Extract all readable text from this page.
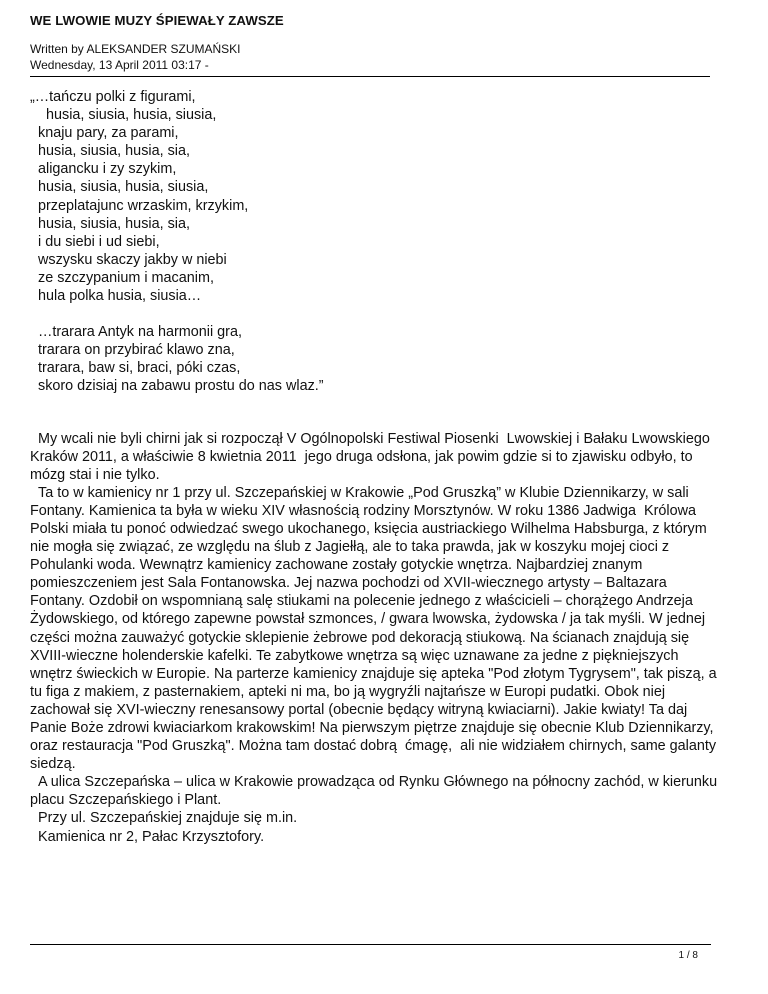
WE LWOWIE MUZY ŚPIEWAŁY ZAWSZE
Written by ALEKSANDER SZUMAŃSKI
Wednesday, 13 April 2011 03:17 -
„…tańczu polki z figurami,
husia, siusia, husia, siusia,
knaju pary, za parami,
husia, siusia, husia, sia,
aligancku i zy szykim,
husia, siusia, husia, siusia,
przeplatajunc wrzaskim, krzykim,
husia, siusia, husia, sia,
i du siebi i ud siebi,
wszysku skaczy jakby w niebi
ze szczypanium i macanim,
hula polka husia, siusia…
…trarara Antyk na harmonii gra,
trarara on przybirać klawo zna,
trarara, baw si, braci, póki czas,
skoro dzisiaj na zabawu prostu do nas wlaz.”

My wcali nie byli chirni jak si rozpoczął V Ogólnopolski Festiwal Piosenki  Lwowskiej i Bałaku Lwowskiego Kraków 2011, a właściwie 8 kwietnia 2011  jego druga odsłona, jak powim gdzie si to zjawisku odbyło, to mózg stai i nie tylko.

Ta to w kamienicy nr 1 przy ul. Szczepańskiej w Krakowie „Pod Gruszką” w Klubie Dziennikarzy, w sali Fontany. Kamienica ta była w wieku XIV własnością rodziny Morsztynów. W roku 1386 Jadwiga  Królowa Polski miała tu ponoć odwiedzać swego ukochanego, księcia austriackiego Wilhelma Habsburga, z którym nie mogła się związać, ze względu na ślub z Jagiełłą, ale to taka prawda, jak w koszyku mojej cioci z Pohulanki woda. Wewnątrz kamienicy zachowane zostały gotyckie wnętrza. Najbardziej znanym pomieszczeniem jest Sala Fontanowska. Jej nazwa pochodzi od XVII-wiecznego artysty – Baltazara Fontany. Ozdobił on wspomnianą salę stiukami na polecenie jednego z właścicieli – chorążego Andrzeja Żydowskiego, od którego zapewne powstał szmonces, / gwara lwowska, żydowska / ja tak myśli. W jednej części można zauważyć gotyckie sklepienie żebrowe pod dekoracją stiukową. Na ścianach znajdują się XVIII-wieczne holenderskie kafelki. Te zabytkowe wnętrza są więc uznawane za jedne z piękniejszych wnętrz świeckich w Europie. Na parterze kamienicy znajduje się apteka "Pod złotym Tygrysem", tak piszą, a tu figa z makiem, z pasternakiem, apteki ni ma, bo ją wygryźli najtańsze w Europi pudatki. Obok niej zachował się XVI-wieczny renesansowy portal (obecnie będący witryną kwiaciarni). Jakie kwiaty! Ta daj Panie Boże zdrowi kwiaciarkom krakowskim! Na pierwszym piętrze znajduje się obecnie Klub Dziennikarzy, oraz restauracja "Pod Gruszką". Można tam dostać dobrą  ćmagę,  ali nie widziałem chirnych, same galanty siedzą.

A ulica Szczepańska – ulica w Krakowie prowadząca od Rynku Głównego na północny zachód, w kierunku placu Szczepańskiego i Plant.

Przy ul. Szczepańskiej znajduje się m.in.

Kamienica nr 2, Pałac Krzysztofory.

1 / 8
